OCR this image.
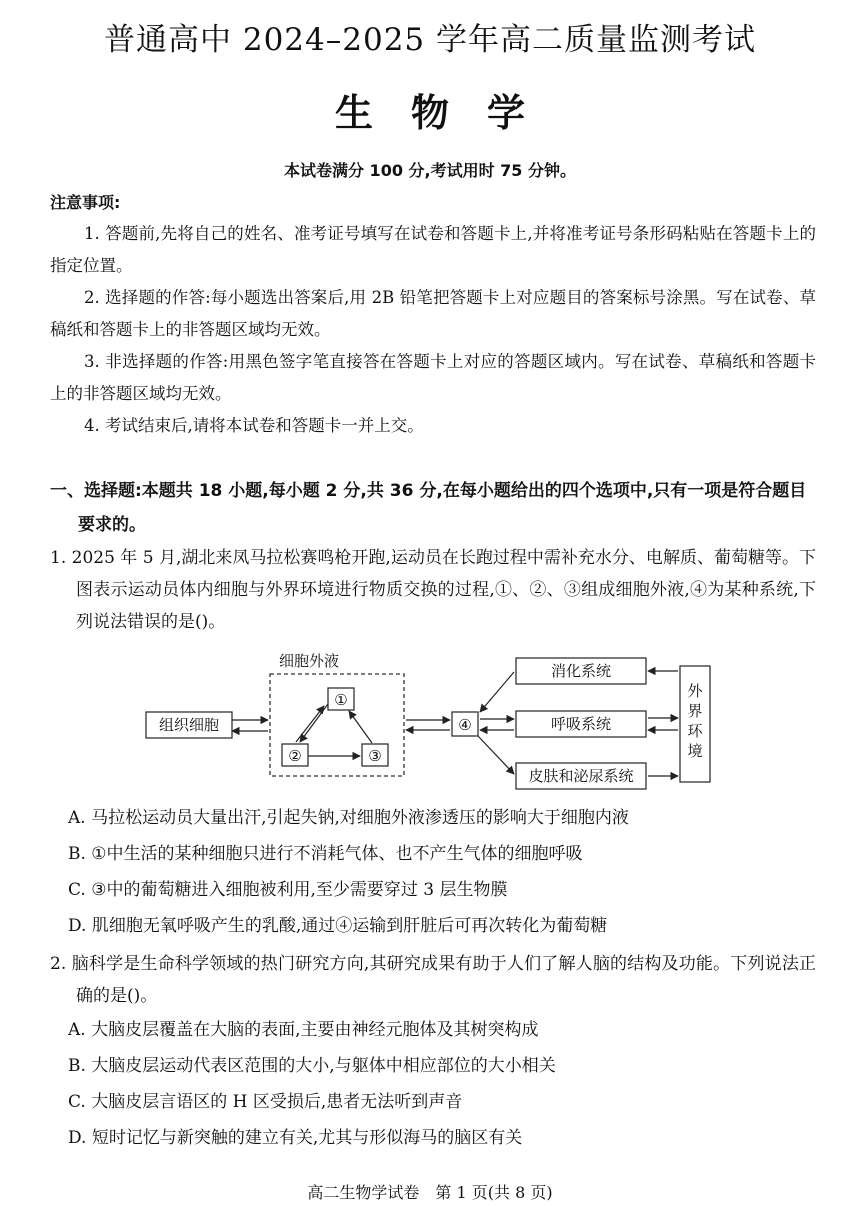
普通高中 2024–2025 学年高二质量监测考试
生物学
本试卷满分 100 分,考试用时 75 分钟。
注意事项:

1. 答题前,先将自己的姓名、准考证号填写在试卷和答题卡上,并将准考证号条形码粘贴在答题卡上的指定位置。

2. 选择题的作答:每小题选出答案后,用 2B 铅笔把答题卡上对应题目的答案标号涂黑。写在试卷、草稿纸和答题卡上的非答题区域均无效。

3. 非选择题的作答:用黑色签字笔直接答在答题卡上对应的答题区域内。写在试卷、草稿纸和答题卡上的非答题区域均无效。

4. 考试结束后,请将本试卷和答题卡一并上交。

一、选择题:本题共 18 小题,每小题 2 分,共 36 分,在每小题给出的四个选项中,只有一项是符合题目要求的。
1. 2025 年 5 月,湖北来凤马拉松赛鸣枪开跑,运动员在长跑过程中需补充水分、电解质、葡萄糖等。下图表示运动员体内细胞与外界环境进行物质交换的过程,①、②、③组成细胞外液,④为某种系统,下列说法错误的是()。
细胞外液
组织细胞
①
②	③
④
消化系统
呼吸系统
皮肤和泌尿系统
外
界
环
境
A. 马拉松运动员大量出汗,引起失钠,对细胞外液渗透压的影响大于细胞内液
B. ①中生活的某种细胞只进行不消耗气体、也不产生气体的细胞呼吸
C. ③中的葡萄糖进入细胞被利用,至少需要穿过 3 层生物膜
D. 肌细胞无氧呼吸产生的乳酸,通过④运输到肝脏后可再次转化为葡萄糖
2. 脑科学是生命科学领域的热门研究方向,其研究成果有助于人们了解人脑的结构及功能。下列说法正确的是()。
A. 大脑皮层覆盖在大脑的表面,主要由神经元胞体及其树突构成
B. 大脑皮层运动代表区范围的大小,与躯体中相应部位的大小相关
C. 大脑皮层言语区的 H 区受损后,患者无法听到声音
D. 短时记忆与新突触的建立有关,尤其与形似海马的脑区有关
高二生物学试卷　第 1 页(共 8 页)
